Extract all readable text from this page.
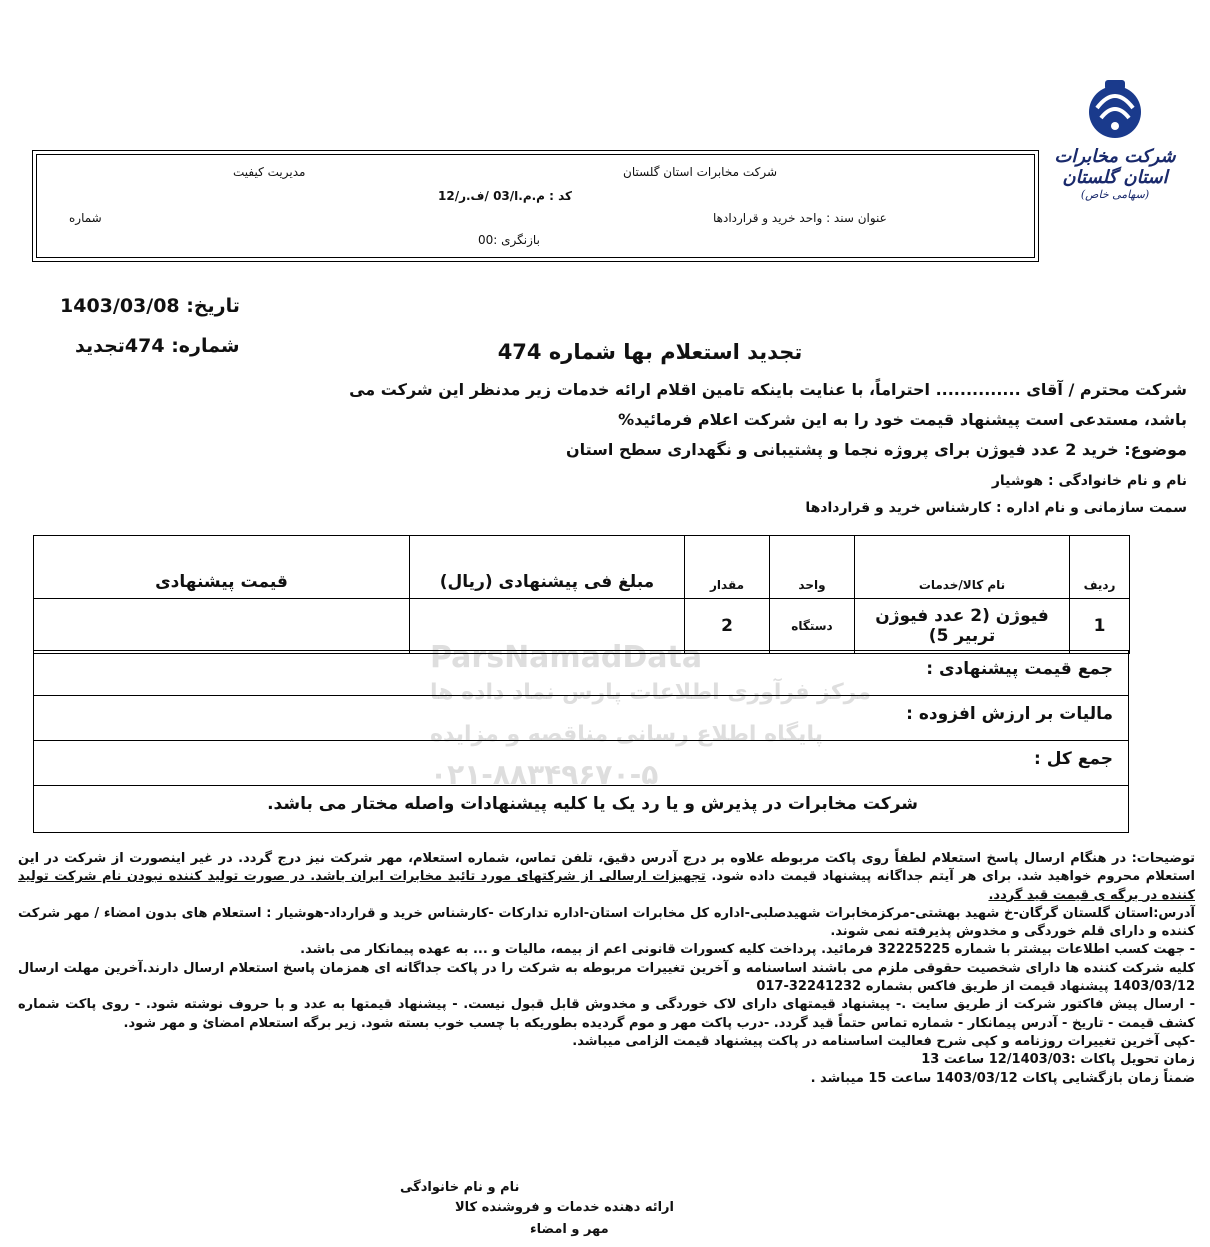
ParsNamadData
مرکز فرآوری اطلاعات پارس نماد داده ها
پایگاه اطلاع رسانی مناقصه و مزایده
۰۲۱-۸۸۳۴۹۶۷۰-۵
شرکت مخابرات استان گلستان
(سهامی خاص)
شرکت مخابرات استان گلستان
مدیریت کیفیت
کد : م.م.ا/03 /ف.ر/12
عنوان سند : واحد خرید و قراردادها
شماره
بازنگری :00
تاریخ: 1403/03/08
شماره: 474تجدید	تجدید استعلام بها شماره 474
شرکت محترم / آقای .............. احتراماً، با عنایت باینکه تامین اقلام ارائه خدمات زیر مدنظر این شرکت می
باشد، مستدعی است پیشنهاد قیمت خود را به این شرکت اعلام فرمائید%
موضوع: خرید 2 عدد فیوژن برای پروژه نجما و پشتیبانی و نگهداری سطح استان
نام و نام خانوادگی : هوشیار
سمت سازمانی و نام اداره : کارشناس خرید و قراردادها
ردیف	نام کالا/خدمات	واحد	مقدار	مبلغ فی پیشنهادی (ریال)	قیمت پیشنهادی
1	فیوژن (2 عدد فیوژن تربیر 5)	دستگاه	2		
جمع قیمت پیشنهادی :
مالیات بر ارزش افزوده :
جمع کل :
شرکت مخابرات در پذیرش و یا رد یک یا کلیه پیشنهادات واصله مختار می باشد.

توضیحات: در هنگام ارسال پاسخ استعلام لطفاً روی پاکت مربوطه علاوه بر درج آدرس دقیق، تلفن تماس، شماره استعلام، مهر شرکت نیز درج گردد. در غیر اینصورت از شرکت در این استعلام محروم خواهید شد. برای هر آیتم جداگانه پیشنهاد قیمت داده شود. تجهیزات ارسالی از شرکتهای مورد تائید مخابرات ایران باشد. در صورت تولید کننده نبودن نام شرکت تولید کننده در برگه ی قیمت قید گردد.

آدرس:استان گلستان گرگان-خ شهید بهشتی-مرکزمخابرات شهیدصلبی-اداره کل مخابرات استان-اداره تدارکات -کارشناس خرید و قرارداد-هوشیار : استعلام های بدون امضاء / مهر شرکت کننده و دارای قلم خوردگی و مخدوش پذیرفته نمی شوند.

- جهت کسب اطلاعات بیشتر با شماره 32225225 فرمائید. پرداخت کلیه کسورات قانونی اعم از بیمه، مالیات و ... به عهده پیمانکار می باشد.

کلیه شرکت کننده ها دارای شخصیت حقوقی ملزم می باشند اساسنامه و آخرین تغییرات مربوطه به شرکت را در پاکت جداگانه ای همزمان پاسخ استعلام ارسال دارند.آخرین مهلت ارسال 1403/03/12 پیشنهاد قیمت از طریق فاکس بشماره 32241232-017

- ارسال پیش فاکتور شرکت از طریق سایت .- پیشنهاد قیمتهای دارای لاک خوردگی و مخدوش قابل قبول نیست. - پیشنهاد قیمتها به عدد و با حروف نوشته شود. - روی پاکت شماره کشف قیمت - تاریخ - آدرس پیمانکار - شماره تماس حتماً قید گردد. -درب پاکت مهر و موم گردیده بطوریکه با چسب خوب بسته شود. زیر برگه استعلام امضائ و مهر شود.

-کپی آخرین تغییرات روزنامه و کپی شرح فعالیت اساسنامه در پاکت پیشنهاد قیمت الزامی میباشد.

زمان تحویل پاکات :12/1403/03 ساعت 13

ضمناً زمان بازگشایی پاکات 1403/03/12 ساعت 15 میباشد .

نام و نام خانوادگی
ارائه دهنده خدمات و فروشنده کالا
مهر و امضاء
